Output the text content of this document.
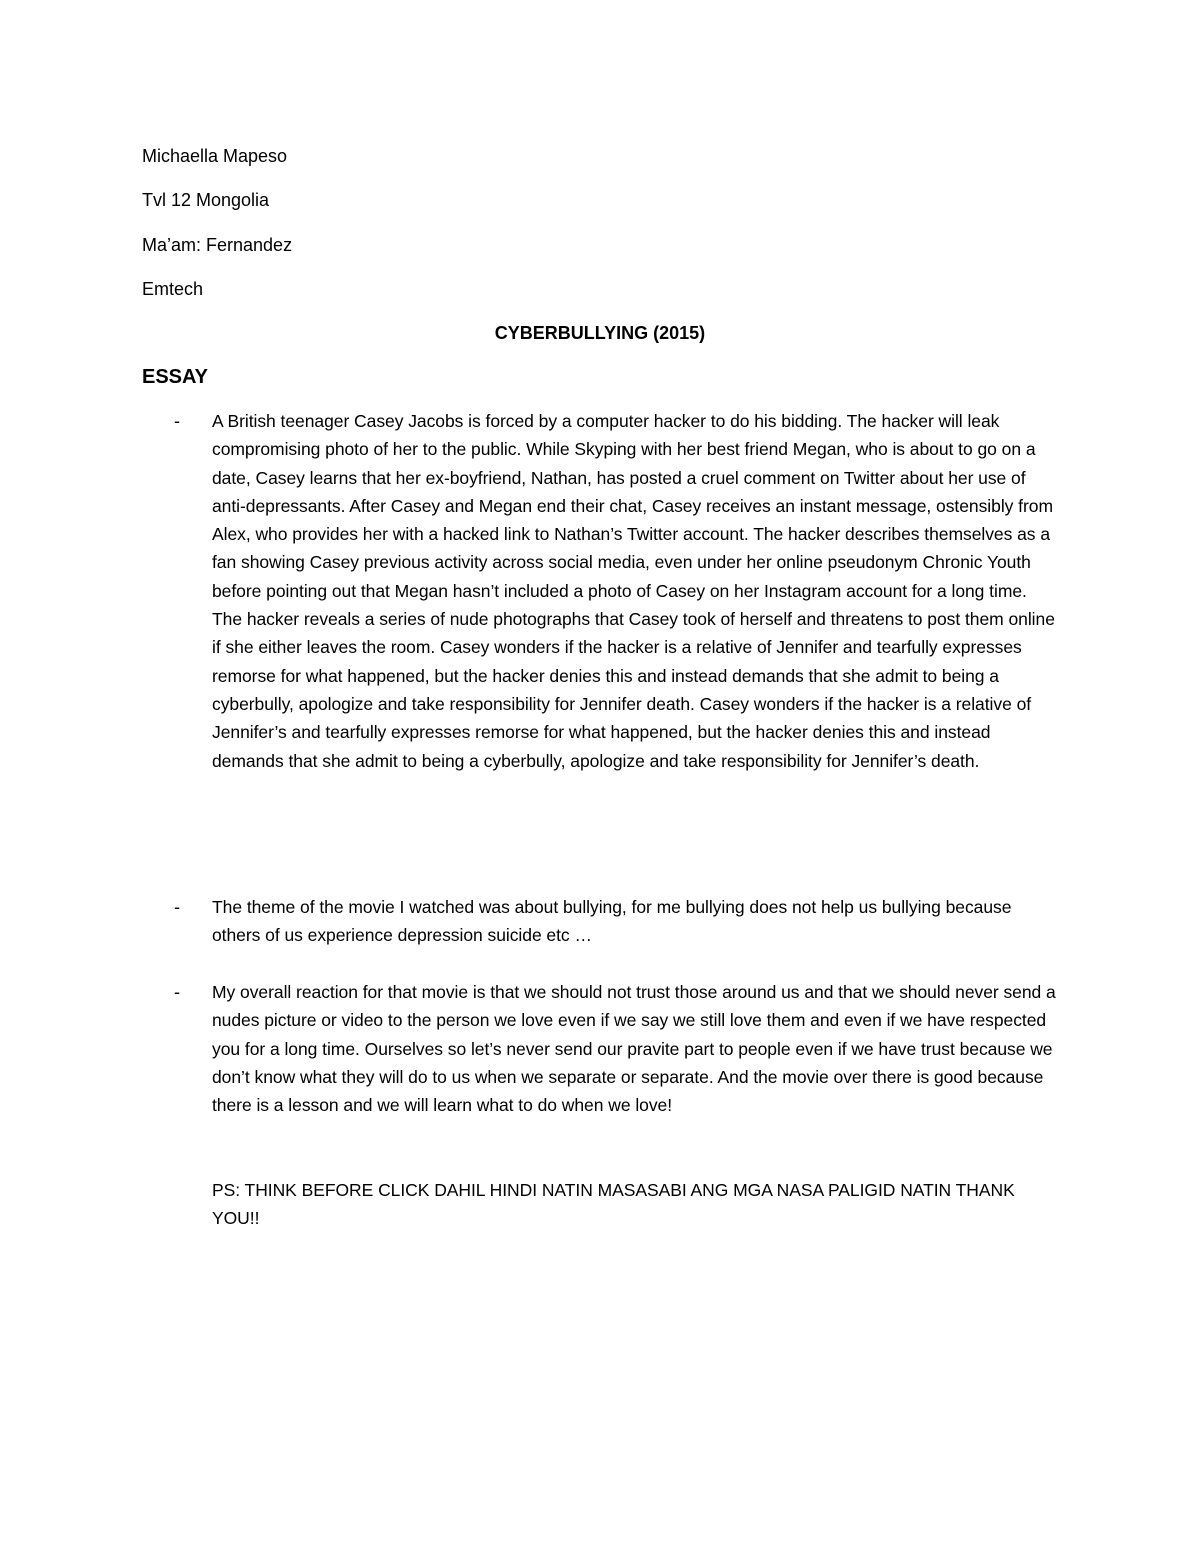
Michaella Mapeso
Tvl 12 Mongolia
Ma’am: Fernandez
Emtech
CYBERBULLYING (2015)
ESSAY
- A British teenager Casey Jacobs is forced by a computer hacker to do his bidding. The hacker will leak compromising photo of her to the public. While Skyping with her best friend Megan, who is about to go on a date, Casey learns that her ex-boyfriend, Nathan, has posted a cruel comment on Twitter about her use of anti-depressants. After Casey and Megan end their chat, Casey receives an instant message, ostensibly from Alex, who provides her with a hacked link to Nathan’s Twitter account. The hacker describes themselves as a fan showing Casey previous activity across social media, even under her online pseudonym Chronic Youth before pointing out that Megan hasn’t included a photo of Casey on her Instagram account for a long time. The hacker reveals a series of nude photographs that Casey took of herself and threatens to post them online if she either leaves the room. Casey wonders if the hacker is a relative of Jennifer and tearfully expresses remorse for what happened, but the hacker denies this and instead demands that she admit to being a cyberbully, apologize and take responsibility for Jennifer death. Casey wonders if the hacker is a relative of Jennifer’s and tearfully expresses remorse for what happened, but the hacker denies this and instead demands that she admit to being a cyberbully, apologize and take responsibility for Jennifer’s death.
- The theme of the movie I watched was about bullying, for me bullying does not help us bullying because others of us experience depression suicide etc …
- My overall reaction for that movie is that we should not trust those around us and that we should never send a nudes picture or video to the person we love even if we say we still love them and even if we have respected you for a long time. Ourselves so let’s never send our pravite part to people even if we have trust because we don’t know what they will do to us when we separate or separate. And the movie over there is good because there is a lesson and we will learn what to do when we love!
PS: THINK BEFORE CLICK DAHIL HINDI NATIN MASASABI ANG MGA NASA PALIGID NATIN THANK YOU!!
